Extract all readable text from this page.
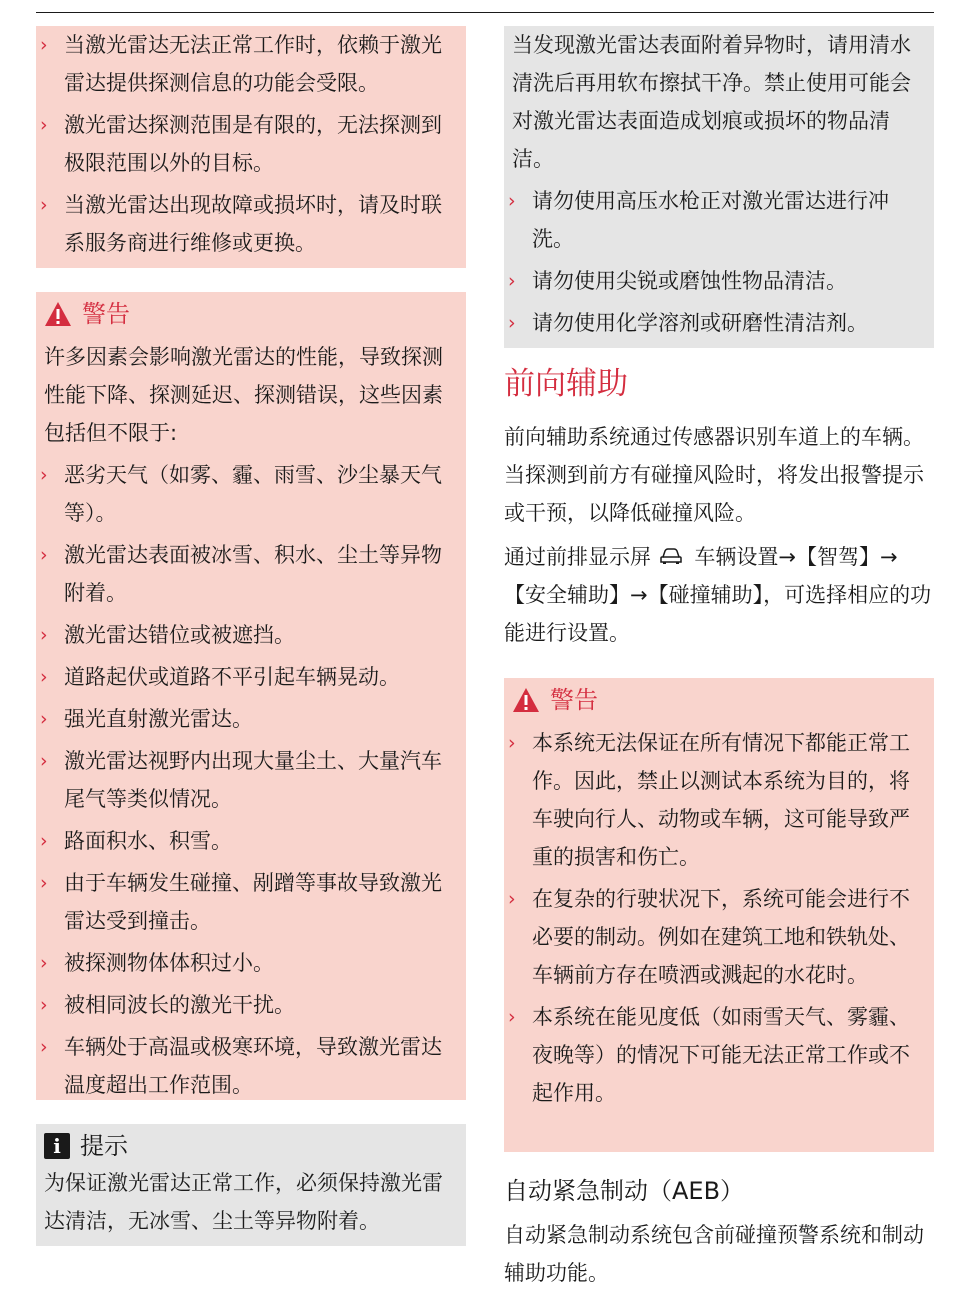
› 当激光雷达无法正常工作时，依赖于激光雷达提供探测信息的功能会受限。
› 激光雷达探测范围是有限的，无法探测到极限范围以外的目标。
› 当激光雷达出现故障或损坏时，请及时联系服务商进行维修或更换。
警告

许多因素会影响激光雷达的性能，导致探测性能下降、探测延迟、探测错误，这些因素包括但不限于:

› 恶劣天气（如雾、霾、雨雪、沙尘暴天气等）。
› 激光雷达表面被冰雪、积水、尘土等异物附着。
› 激光雷达错位或被遮挡。
› 道路起伏或道路不平引起车辆晃动。
› 强光直射激光雷达。
› 激光雷达视野内出现大量尘土、大量汽车尾气等类似情况。
› 路面积水、积雪。
› 由于车辆发生碰撞、剐蹭等事故导致激光雷达受到撞击。
› 被探测物体体积过小。
› 被相同波长的激光干扰。
› 车辆处于高温或极寒环境，导致激光雷达温度超出工作范围。
i 提示

为保证激光雷达正常工作，必须保持激光雷达清洁，无冰雪、尘土等异物附着。

当发现激光雷达表面附着异物时，请用清水清洗后再用软布擦拭干净。禁止使用可能会对激光雷达表面造成划痕或损坏的物品清洁。

› 请勿使用高压水枪正对激光雷达进行冲洗。
› 请勿使用尖锐或磨蚀性物品清洁。
› 请勿使用化学溶剂或研磨性清洁剂。
前向辅助

前向辅助系统通过传感器识别车道上的车辆。当探测到前方有碰撞风险时，将发出报警提示或干预，以降低碰撞风险。

通过前排显示屏 车辆设置→【智驾】→【安全辅助】→【碰撞辅助】，可选择相应的功能进行设置。

警告
› 本系统无法保证在所有情况下都能正常工作。因此，禁止以测试本系统为目的，将车驶向行人、动物或车辆，这可能导致严重的损害和伤亡。
› 在复杂的行驶状况下，系统可能会进行不必要的制动。例如在建筑工地和铁轨处、车辆前方存在喷洒或溅起的水花时。
› 本系统在能见度低（如雨雪天气、雾霾、夜晚等）的情况下可能无法正常工作或不起作用。
自动紧急制动（AEB）

自动紧急制动系统包含前碰撞预警系统和制动辅助功能。
